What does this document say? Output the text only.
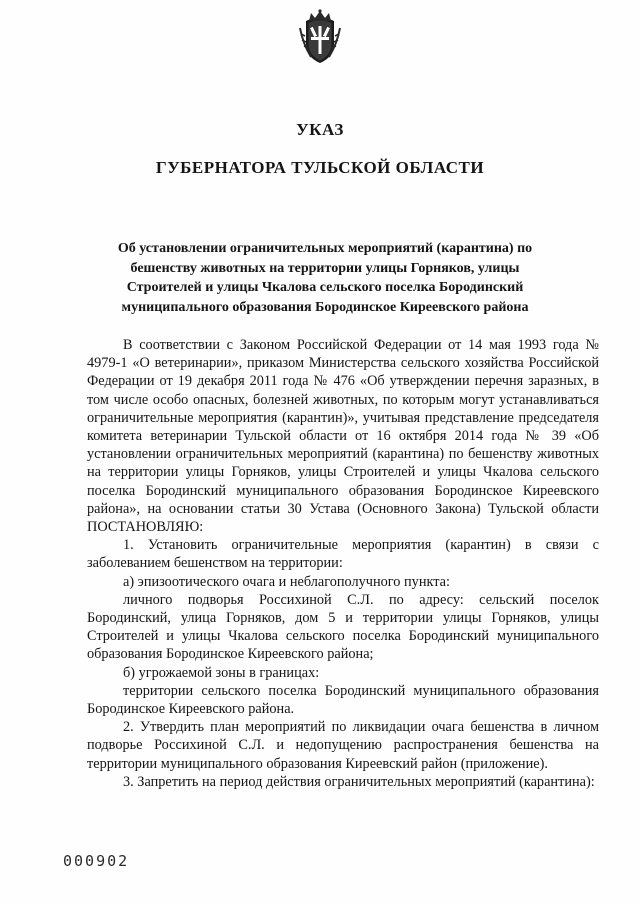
УКАЗ
ГУБЕРНАТОРА ТУЛЬСКОЙ ОБЛАСТИ
Об установлении ограничительных мероприятий (карантина) по бешенству животных на территории улицы Горняков, улицы Строителей и улицы Чкалова сельского поселка Бородинский муниципального образования Бородинское Киреевского района

В соответствии с Законом Российской Федерации от 14 мая 1993 года № 4979-1 «О ветеринарии», приказом Министерства сельского хозяйства Российской Федерации от 19 декабря 2011 года № 476 «Об утверждении перечня заразных, в том числе особо опасных, болезней животных, по которым могут устанавливаться ограничительные мероприятия (карантин)», учитывая представление председателя комитета ветеринарии Тульской области от 16 октября 2014 года № 39 «Об установлении ограничительных мероприятий (карантина) по бешенству животных на территории улицы Горняков, улицы Строителей и улицы Чкалова сельского поселка Бородинский муниципального образования Бородинское Киреевского района», на основании статьи 30 Устава (Основного Закона) Тульской области ПОСТАНОВЛЯЮ:

1. Установить ограничительные мероприятия (карантин) в связи с заболеванием бешенством на территории:

а) эпизоотического очага и неблагополучного пункта:

личного подворья Россихиной С.Л. по адресу: сельский поселок Бородинский, улица Горняков, дом 5 и территории улицы Горняков, улицы Строителей и улицы Чкалова сельского поселка Бородинский муниципального образования Бородинское Киреевского района;

б) угрожаемой зоны в границах:

территории сельского поселка Бородинский муниципального образования Бородинское Киреевского района.

2. Утвердить план мероприятий по ликвидации очага бешенства в личном подворье Россихиной С.Л. и недопущению распространения бешенства на территории муниципального образования Киреевский район (приложение).

3. Запретить на период действия ограничительных мероприятий (карантина):

000902
